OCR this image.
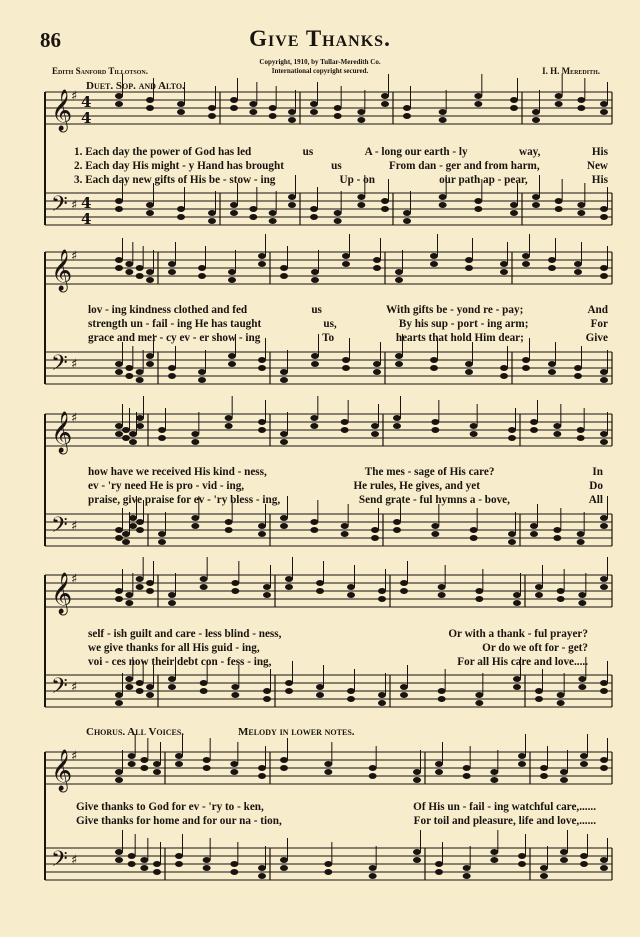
86	Give Thanks.
Copyright, 1910, by Tullar-Meredith Co.
International copyright secured.
Edith Sanford Tillotson.	I. H. Meredith.
𝄞
♯ 4
4
𝄢 ♯ 4
4
𝄞
♯
𝄢 ♯
𝄞
♯
𝄢 ♯
𝄞
♯
𝄢 ♯
𝄞
♯
𝄢 ♯
Duet. Sop. and Alto.
Chorus. All Voices.	Melody in lower notes.
1. Each day the power of God has led	us	A - long our earth - ly	way,	His
2. Each day His might - y Hand has brought	us	From dan - ger and from harm,	New
3. Each day new gifts of His be - stow - ing	Up - on	our path ap - pear,	His
lov - ing kindness clothed and fed	us	With gifts be - yond re - pay;	And
strength un - fail - ing He has taught	us,	By his sup - port - ing arm;	For
grace and mer - cy ev - er show - ing	To	hearts that hold Him dear;	Give
how have we received His kind - ness,	The mes - sage of His care?	In
ev - 'ry need He is pro - vid - ing,	He rules, He gives, and yet	Do
praise, give praise for ev - 'ry bless - ing,	Send grate - ful hymns a - bove,	All
self - ish guilt and care - less blind - ness,	Or with a thank - ful prayer?
we give thanks for all His guid - ing,	Or do we oft for - get?
voi - ces now their debt con - fess - ing,	For all His care and love.....
Give thanks to God for ev - 'ry to - ken,	Of His un - fail - ing watchful care,......
Give thanks for home and for our na - tion,	For toil and pleasure, life and love,......
